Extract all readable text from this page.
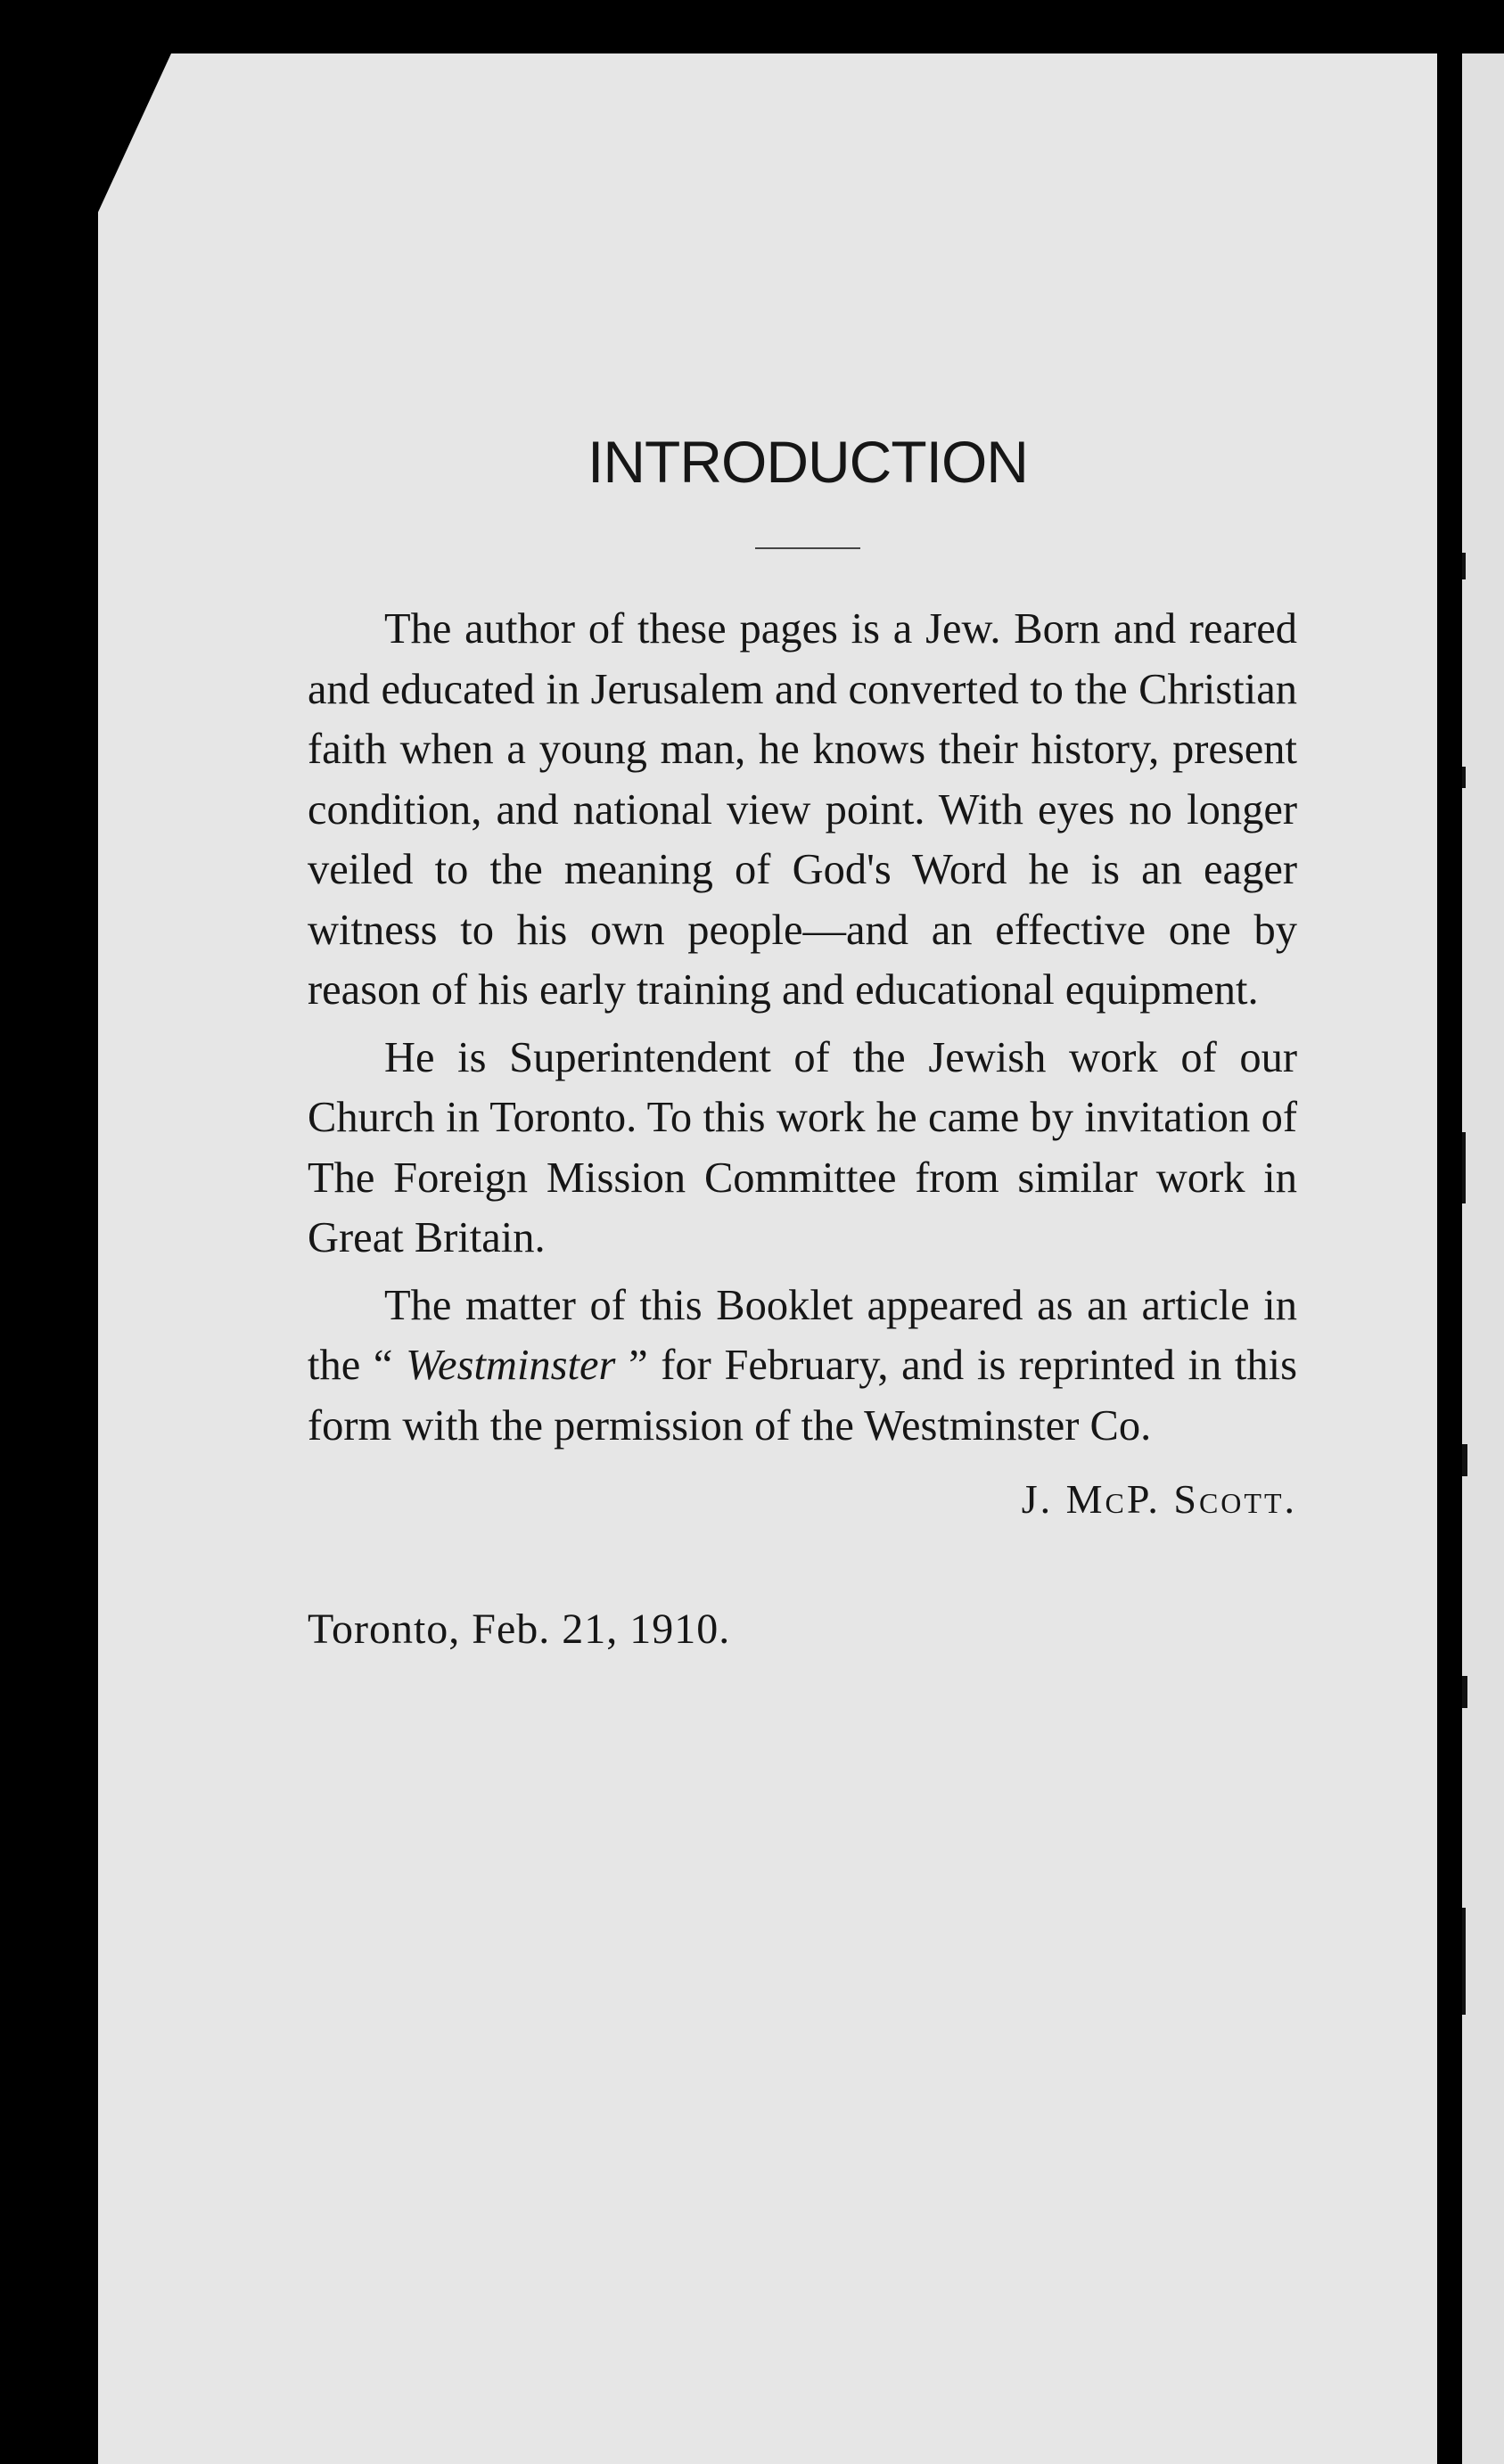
INTRODUCTION

The author of these pages is a Jew. Born and reared and educated in Jerusalem and converted to the Christian faith when a young man, he knows their history, present condition, and national view point. With eyes no longer veiled to the meaning of God's Word he is an eager witness to his own people—and an effective one by reason of his early training and educational equipment.

He is Superintendent of the Jewish work of our Church in Toronto. To this work he came by invitation of The Foreign Mission Committee from similar work in Great Britain.

The matter of this Booklet appeared as an article in the “ Westminster ” for February, and is reprinted in this form with the permission of the Westminster Co.

J. McP. Scott.

Toronto, Feb. 21, 1910.
